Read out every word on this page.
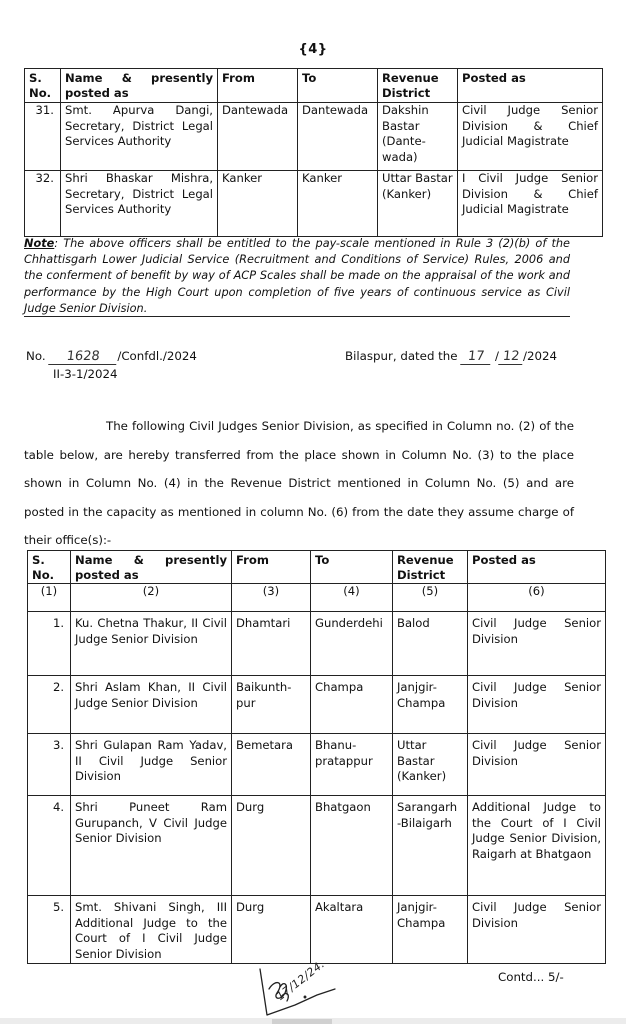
{4}
S.
No.	Name & presently posted as	From	To	Revenue District	Posted as
31.	Smt. Apurva Dangi, Secretary, District Legal Services Authority	Dantewada	Dantewada	Dakshin Bastar (Dante-wada)	Civil Judge Senior Division & Chief Judicial Magistrate
32.	Shri Bhaskar Mishra, Secretary, District Legal Services Authority	Kanker	Kanker	Uttar Bastar (Kanker)	I Civil Judge Senior Division & Chief Judicial Magistrate
Note: The above officers shall be entitled to the pay-scale mentioned in Rule 3 (2)(b) of the Chhattisgarh Lower Judicial Service (Recruitment and Conditions of Service) Rules, 2006 and the conferment of benefit by way of ACP Scales shall be made on the appraisal of the work and performance by the High Court upon completion of five years of continuous service as Civil Judge Senior Division.
No. 1628 /Confdl./2024
II-3-1/2024
Bilaspur, dated the 17 / 12 /2024
The following Civil Judges Senior Division, as specified in Column no. (2) of the table below, are hereby transferred from the place shown in Column No. (3) to the place shown in Column No. (4) in the Revenue District mentioned in Column No. (5) and are posted in the capacity as mentioned in column No. (6) from the date they assume charge of their office(s):-
S.
No.	Name & presently posted as	From	To	Revenue District	Posted as
(1)	(2)	(3)	(4)	(5)	(6)
1.	Ku. Chetna Thakur, II Civil Judge Senior Division	Dhamtari	Gunderdehi	Balod	Civil Judge Senior Division
2.	Shri Aslam Khan, II Civil Judge Senior Division	Baikunth-pur	Champa	Janjgir-Champa	Civil Judge Senior Division
3.	Shri Gulapan Ram Yadav, II Civil Judge Senior Division	Bemetara	Bhanu-pratappur	Uttar Bastar (Kanker)	Civil Judge Senior Division
4.	Shri Puneet Ram Gurupanch, V Civil Judge Senior Division	Durg	Bhatgaon	Sarangarh -Bilaigarh	Additional Judge to the Court of I Civil Judge Senior Division, Raigarh at Bhatgaon
5.	Smt. Shivani Singh, III Additional Judge to the Court of I Civil Judge Senior Division	Durg	Akaltara	Janjgir-Champa	Civil Judge Senior Division
17/12/24.	Contd... 5/-
